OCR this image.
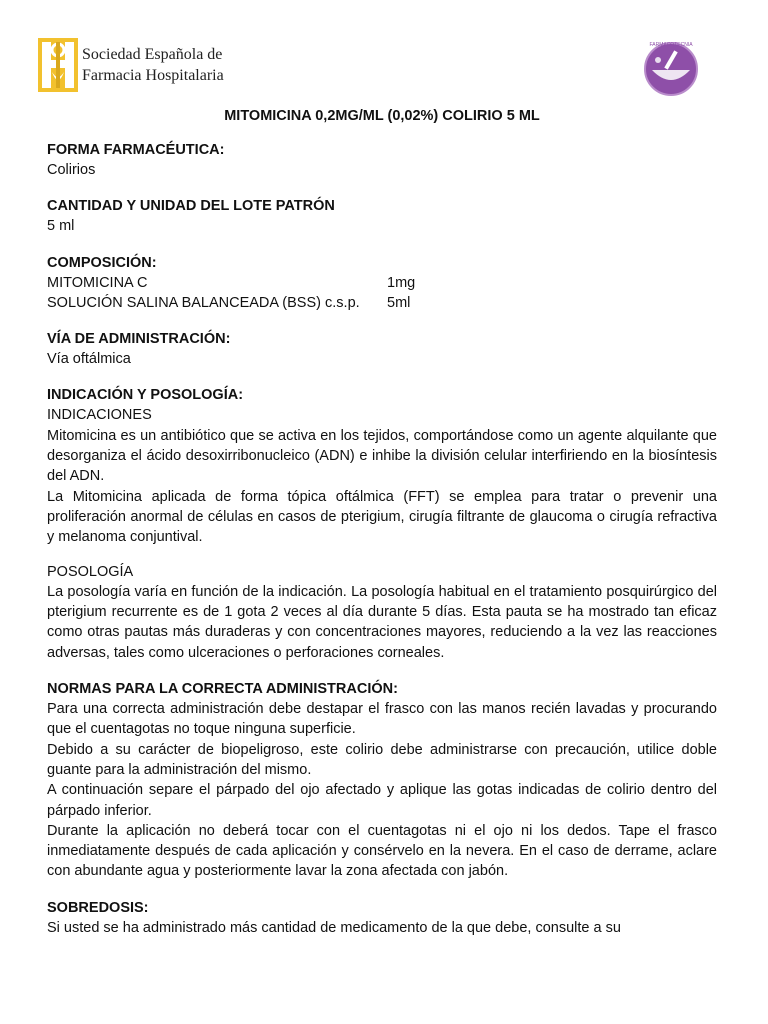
Sociedad Española de
Farmacia Hospitalaria
FARMACOTECNIA
MITOMICINA 0,2MG/ML (0,02%) COLIRIO 5 ML
FORMA FARMACÉUTICA:

Colirios

CANTIDAD Y UNIDAD DEL LOTE PATRÓN

5 ml

COMPOSICIÓN:
MITOMICINA C	1mg
SOLUCIÓN SALINA BALANCEADA (BSS) c.s.p. 5ml
VÍA DE ADMINISTRACIÓN:

Vía oftálmica

INDICACIÓN Y POSOLOGÍA:

INDICACIONES

Mitomicina es un antibiótico que se activa en los tejidos, comportándose como un agente alquilante que desorganiza el ácido desoxirribonucleico (ADN) e inhibe la división celular interfiriendo en la biosíntesis del ADN.

La Mitomicina aplicada de forma tópica oftálmica (FFT) se emplea para tratar o prevenir una proliferación anormal de células en casos de pterigium, cirugía filtrante de glaucoma o cirugía refractiva y melanoma conjuntival.

POSOLOGÍA

La posología varía en función de la indicación. La posología habitual en el tratamiento posquirúrgico del pterigium recurrente es de 1 gota 2 veces al día durante 5 días. Esta pauta se ha mostrado tan eficaz como otras pautas más duraderas y con concentraciones mayores, reduciendo a la vez las reacciones adversas, tales como ulceraciones o perforaciones corneales.

NORMAS PARA LA CORRECTA ADMINISTRACIÓN:

Para una correcta administración debe destapar el frasco con las manos recién lavadas y procurando que el cuentagotas no toque ninguna superficie.

Debido a su carácter de biopeligroso, este colirio debe administrarse con precaución, utilice doble guante para la administración del mismo.

A continuación separe el párpado del ojo afectado y aplique las gotas indicadas de colirio dentro del párpado inferior.

Durante la aplicación no deberá tocar con el cuentagotas ni el ojo ni los dedos. Tape el frasco inmediatamente después de cada aplicación y consérvelo en la nevera. En el caso de derrame, aclare con abundante agua y posteriormente lavar la zona afectada con jabón.

SOBREDOSIS:

Si usted se ha administrado más cantidad de medicamento de la que debe, consulte a su
